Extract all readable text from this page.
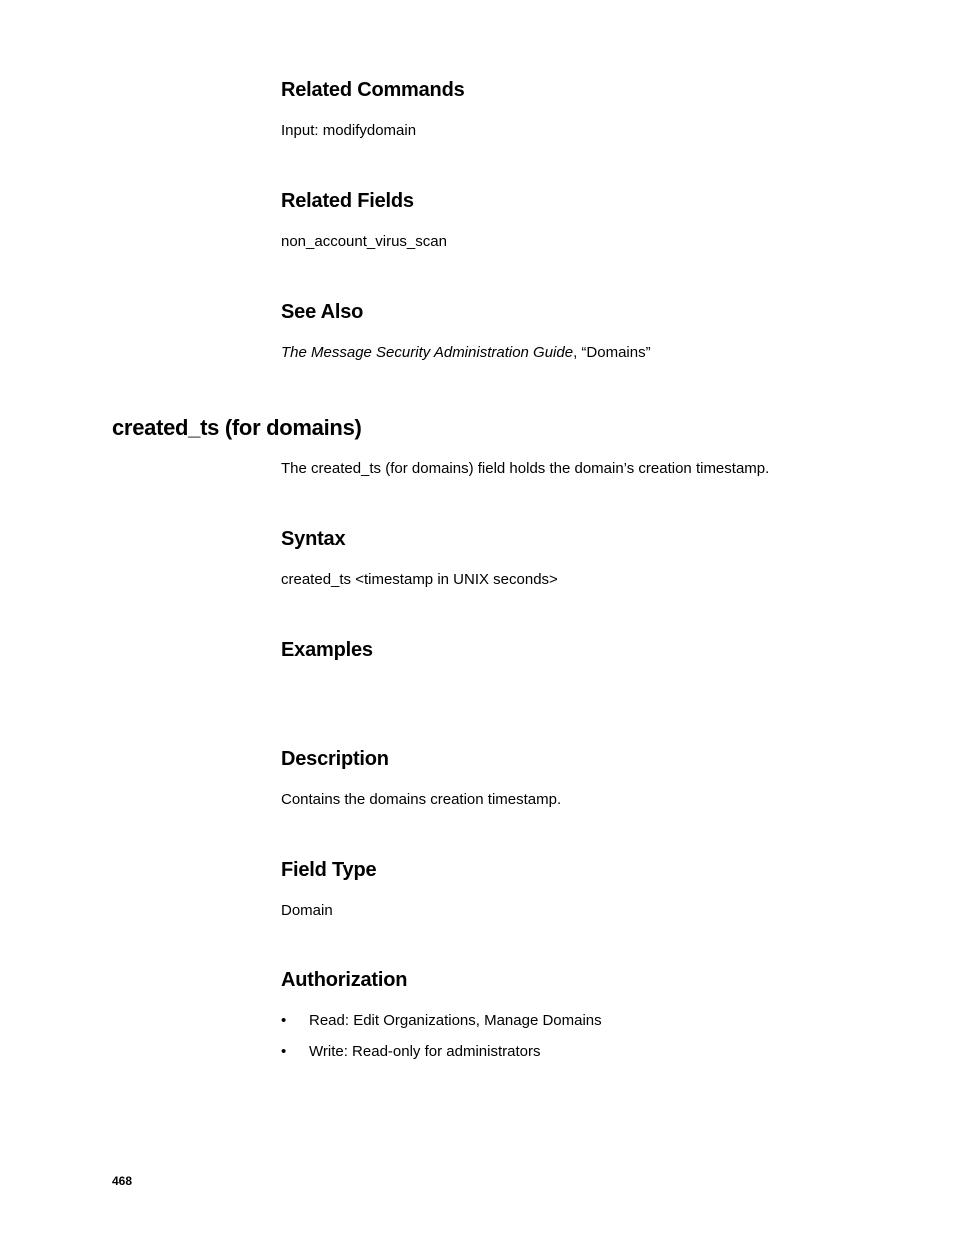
Related Commands

Input: modifydomain

Related Fields

non_account_virus_scan

See Also

The Message Security Administration Guide, “Domains”

created_ts (for domains)

The created_ts (for domains) field holds the domain’s creation timestamp.

Syntax

created_ts <timestamp in UNIX seconds>

Examples
Description

Contains the domains creation timestamp.

Field Type

Domain

Authorization
• Read: Edit Organizations, Manage Domains
• Write: Read-only for administrators
468
